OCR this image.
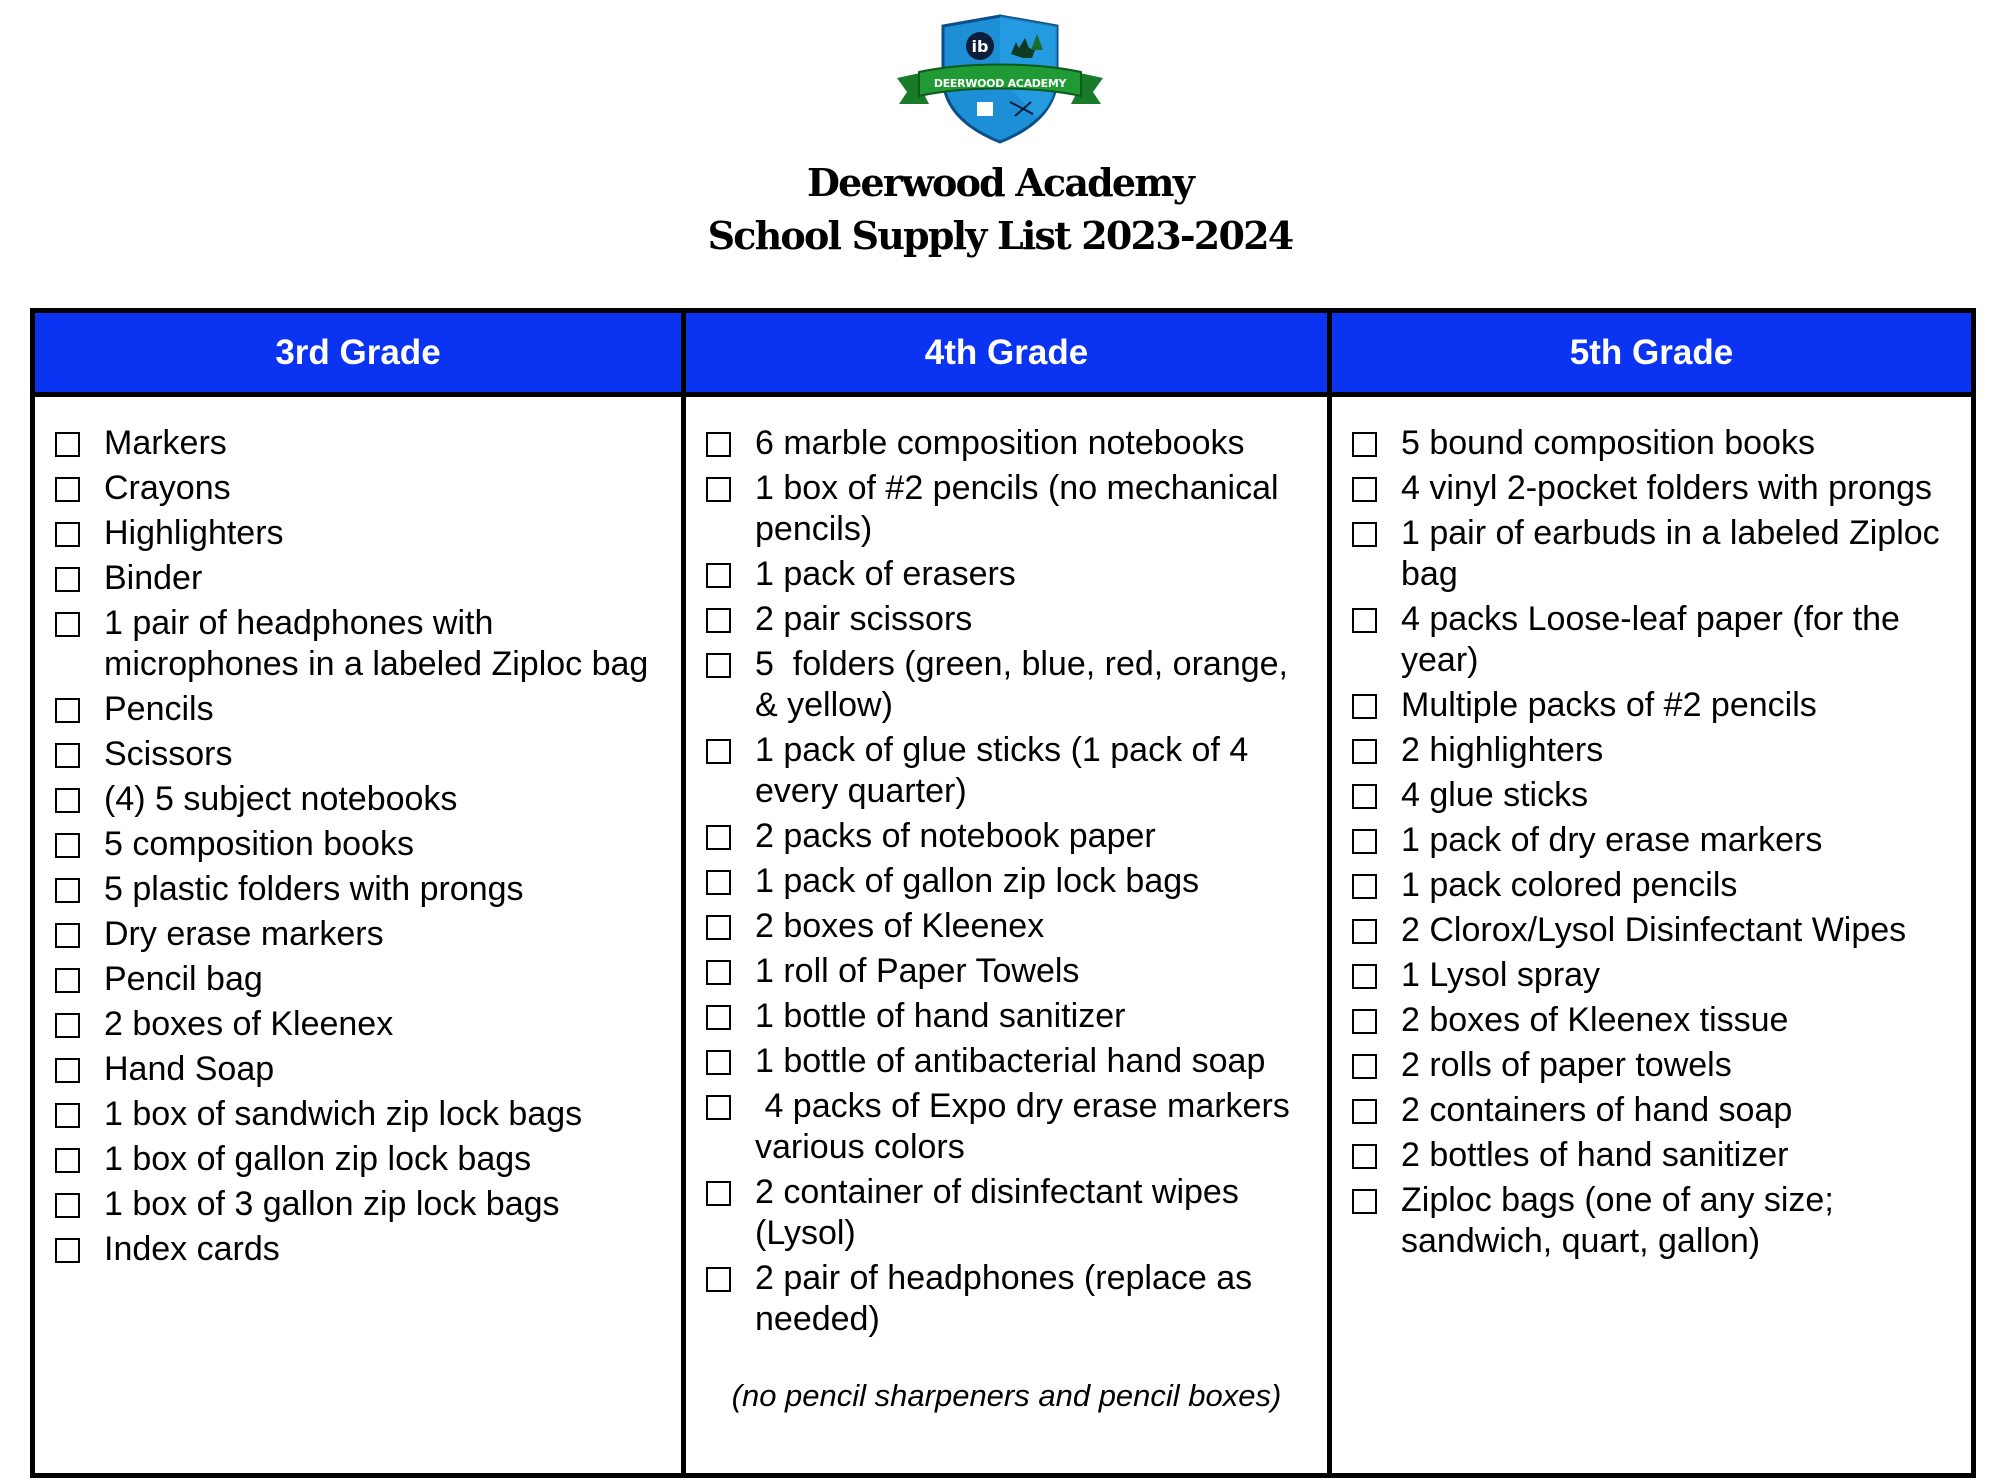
ib
DEERWOOD ACADEMY
Deerwood Academy
School Supply List 2023-2024
3rd Grade
Markers
Crayons
Highlighters
Binder
1 pair of headphones with microphones in a labeled Ziploc bag
Pencils
Scissors
(4) 5 subject notebooks
5 composition books
5 plastic folders with prongs
Dry erase markers
Pencil bag
2 boxes of Kleenex
Hand Soap
1 box of sandwich zip lock bags
1 box of gallon zip lock bags
1 box of 3 gallon zip lock bags
Index cards
4th Grade
6 marble composition notebooks
1 box of #2 pencils (no mechanical pencils)
1 pack of erasers
2 pair scissors
5  folders (green, blue, red, orange, & yellow)
1 pack of glue sticks (1 pack of 4 every quarter)
2 packs of notebook paper
1 pack of gallon zip lock bags
2 boxes of Kleenex
1 roll of Paper Towels
1 bottle of hand sanitizer
1 bottle of antibacterial hand soap
4 packs of Expo dry erase markers various colors
2 container of disinfectant wipes (Lysol)
2 pair of headphones (replace as needed)
(no pencil sharpeners and pencil boxes)
5th Grade
5 bound composition books
4 vinyl 2-pocket folders with prongs
1 pair of earbuds in a labeled Ziploc bag
4 packs Loose-leaf paper (for the year)
Multiple packs of #2 pencils
2 highlighters
4 glue sticks
1 pack of dry erase markers
1 pack colored pencils
2 Clorox/Lysol Disinfectant Wipes
1 Lysol spray
2 boxes of Kleenex tissue
2 rolls of paper towels
2 containers of hand soap
2 bottles of hand sanitizer
Ziploc bags (one of any size; sandwich, quart, gallon)
